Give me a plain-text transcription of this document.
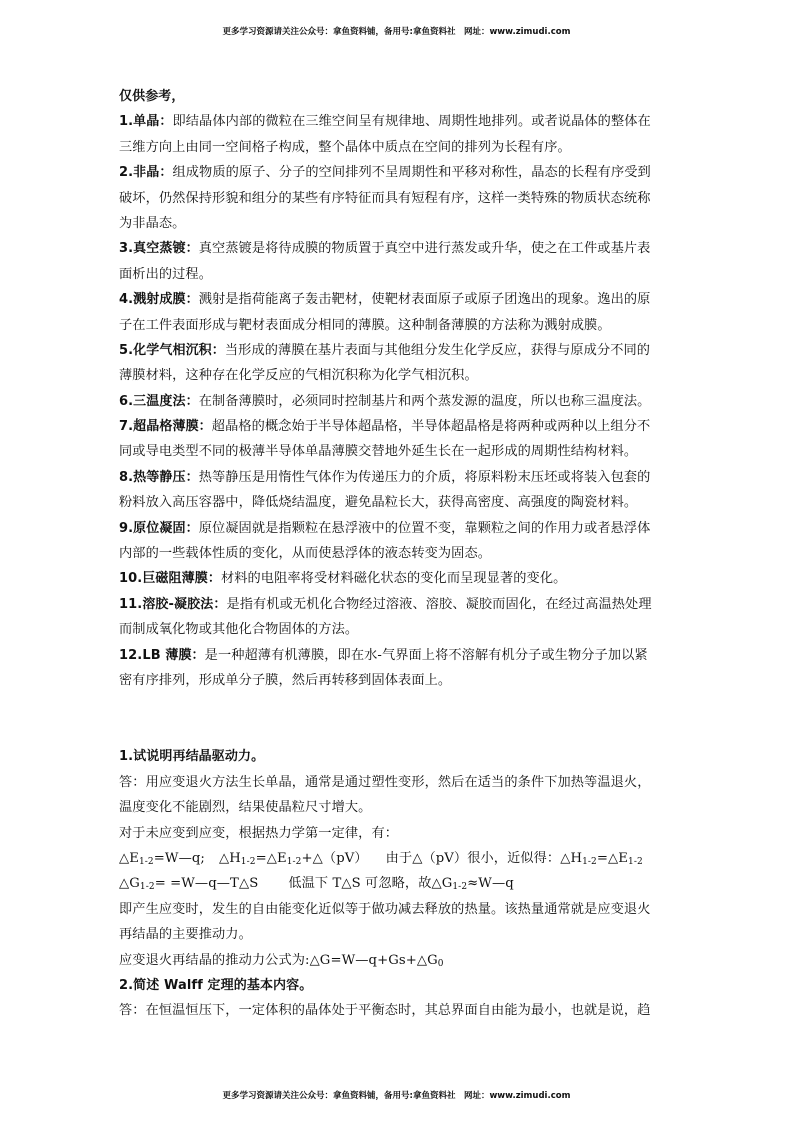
更多学习资源请关注公众号：拿鱼资料铺，备用号:拿鱼资料社　网址：www.zimudi.com
仅供参考，
1.单晶：即结晶体内部的微粒在三维空间呈有规律地、周期性地排列。或者说晶体的整体在
三维方向上由同一空间格子构成，整个晶体中质点在空间的排列为长程有序。
2.非晶：组成物质的原子、分子的空间排列不呈周期性和平移对称性，晶态的长程有序受到
破坏，仍然保持形貌和组分的某些有序特征而具有短程有序，这样一类特殊的物质状态统称
为非晶态。
3.真空蒸镀：真空蒸镀是将待成膜的物质置于真空中进行蒸发或升华，使之在工件或基片表
面析出的过程。
4.溅射成膜：溅射是指荷能离子轰击靶材，使靶材表面原子或原子团逸出的现象。逸出的原
子在工件表面形成与靶材表面成分相同的薄膜。这种制备薄膜的方法称为溅射成膜。
5.化学气相沉积：当形成的薄膜在基片表面与其他组分发生化学反应，获得与原成分不同的
薄膜材料，这种存在化学反应的气相沉积称为化学气相沉积。
6.三温度法：在制备薄膜时，必须同时控制基片和两个蒸发源的温度，所以也称三温度法。
7.超晶格薄膜：超晶格的概念始于半导体超晶格，半导体超晶格是将两种或两种以上组分不
同或导电类型不同的极薄半导体单晶薄膜交替地外延生长在一起形成的周期性结构材料。
8.热等静压：热等静压是用惰性气体作为传递压力的介质，将原料粉末压坯或将装入包套的
粉料放入高压容器中，降低烧结温度，避免晶粒长大，获得高密度、高强度的陶瓷材料。
9.原位凝固：原位凝固就是指颗粒在悬浮液中的位置不变，靠颗粒之间的作用力或者悬浮体
内部的一些载体性质的变化，从而使悬浮体的液态转变为固态。
10.巨磁阻薄膜：材料的电阻率将受材料磁化状态的变化而呈现显著的变化。
11.溶胶-凝胶法：是指有机或无机化合物经过溶液、溶胶、凝胶而固化，在经过高温热处理
而制成氧化物或其他化合物固体的方法。
12.LB 薄膜：是一种超薄有机薄膜，即在水-气界面上将不溶解有机分子或生物分子加以紧
密有序排列，形成单分子膜，然后再转移到固体表面上。
1.试说明再结晶驱动力。
答：用应变退火方法生长单晶，通常是通过塑性变形，然后在适当的条件下加热等温退火，
温度变化不能剧烈，结果使晶粒尺寸增大。
对于未应变到应变，根据热力学第一定律，有：
$\triangle E_{1-2}=W—q$; $\triangle H_{1-2}=\triangle E_{1-2}+\triangle(pV)$ 由于△（pV）很小，近似得：$\triangle H_{1-2}=\triangle E_{1-2}$
$\triangle G_{1-2}=$ =W—q—T△S 低温下 T△S 可忽略，故$\triangle G_{1-2}\approx W—q$
即产生应变时，发生的自由能变化近似等于做功减去释放的热量。该热量通常就是应变退火
再结晶的主要推动力。
应变退火再结晶的推动力公式为$:\triangle G=W—q+Gs+\triangle G_0$
2.简述 Walff 定理的基本内容。
答：在恒温恒压下，一定体积的晶体处于平衡态时，其总界面自由能为最小，也就是说，趋
更多学习资源请关注公众号：拿鱼资料铺，备用号:拿鱼资料社　网址：www.zimudi.com
